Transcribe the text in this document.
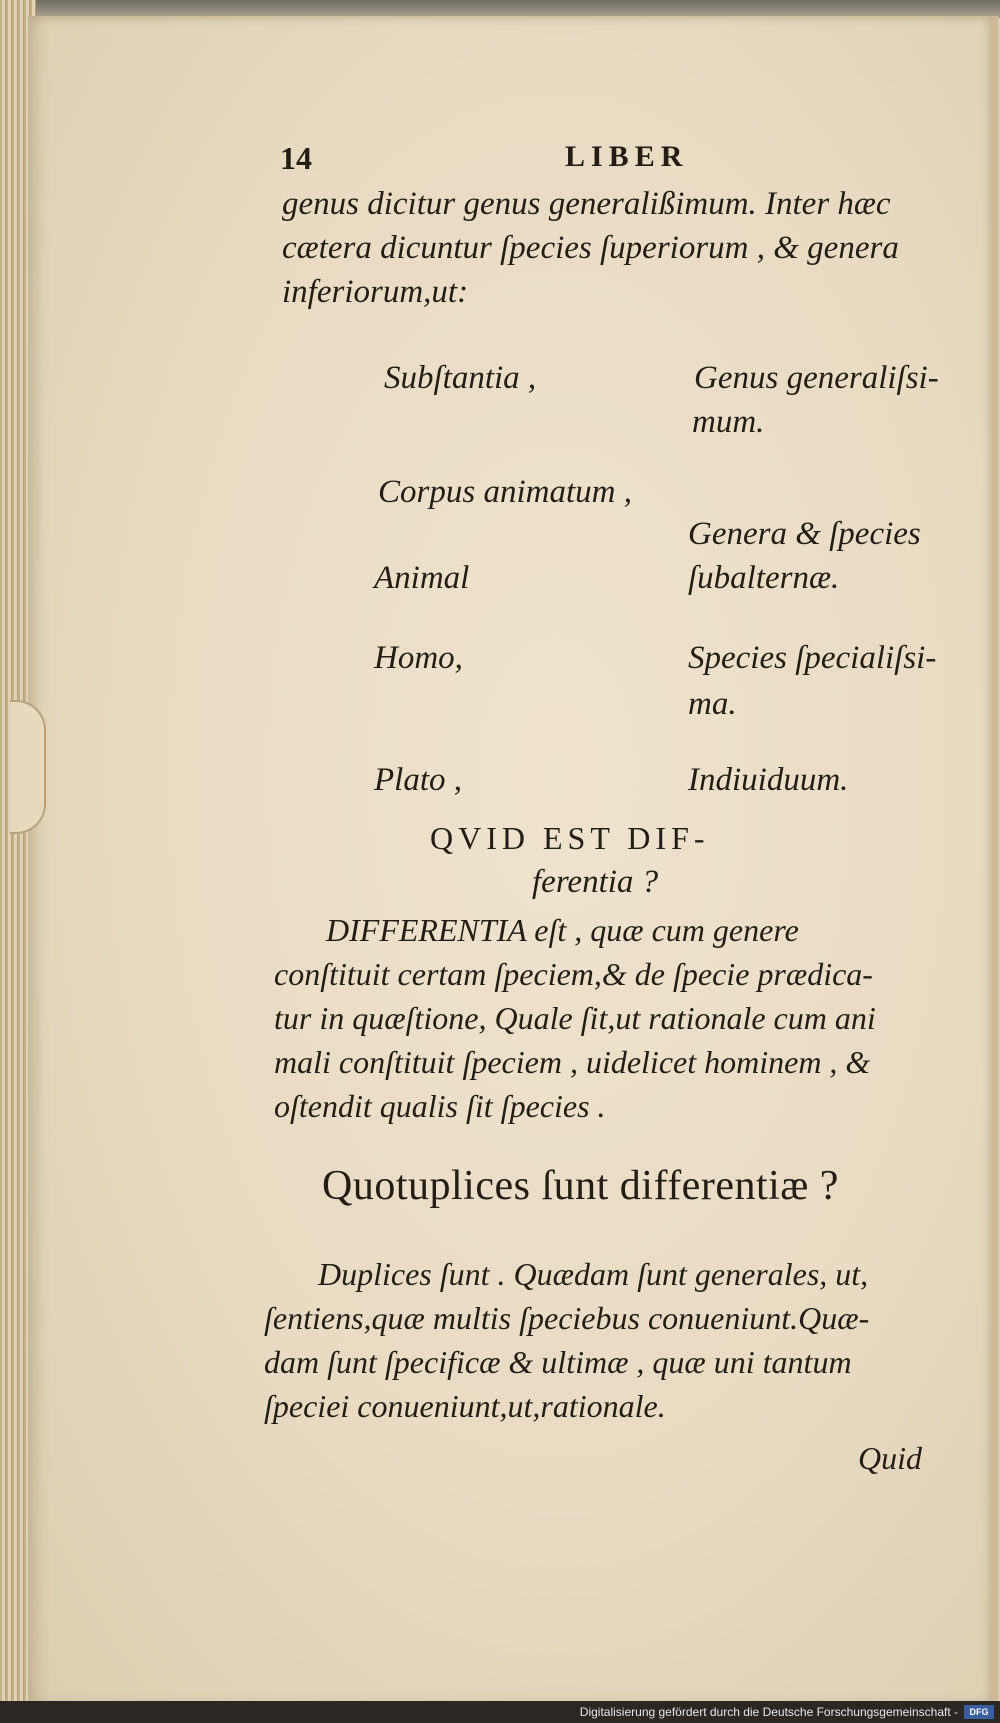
14	LIBER
genus dicitur genus generalißimum. Inter hæc
cætera dicuntur ſpecies ſuperiorum , & genera
inferiorum,ut:
Subſtantia ,
Corpus animatum ,
Animal
Homo,
Plato ,
Genus generaliſsi-
mum.
Genera & ſpecies
ſubalternæ.
Species ſpecialiſsi-
ma.
Indiuiduum.
QVID EST DIF-
ferentia ?
DIFFERENTIA eſt , quæ cum genere
conſtituit certam ſpeciem,& de ſpecie prædica-
tur in quæſtione, Quale ſit,ut rationale cum ani
mali conſtituit ſpeciem , uidelicet hominem , &
oſtendit qualis ſit ſpecies .
Quotuplices ſunt differentiæ ?
Duplices ſunt . Quædam ſunt generales, ut,
ſentiens,quæ multis ſpeciebus conueniunt.Quæ-
dam ſunt ſpecificæ & ultimæ , quæ uni tantum
ſpeciei conueniunt,ut,rationale.
Quid
Digitalisierung gefördert durch die Deutsche Forschungsgemeinschaft -	DFG
